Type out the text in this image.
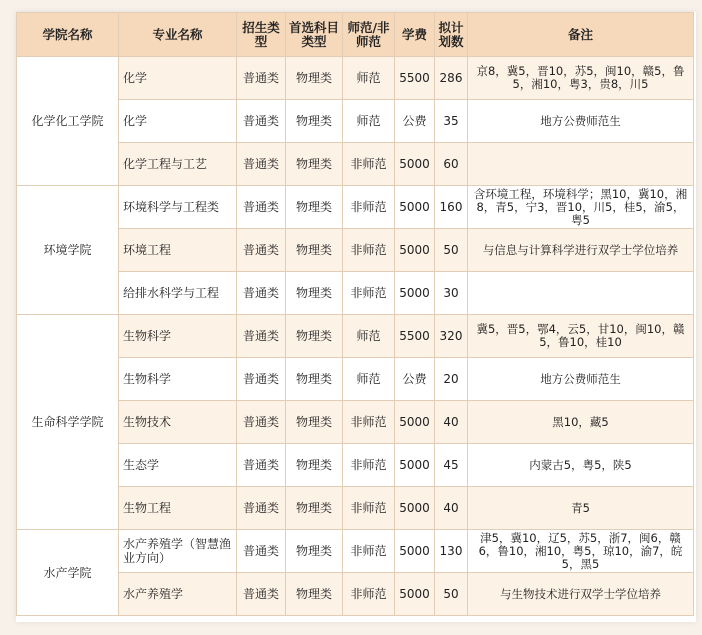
学院名称	专业名称	招生类型	首选科目类型	师范/非师范	学费	拟计划数	备注
化学化工学院	化学	普通类	物理类	师范	5500	286	京8，冀5，晋10，苏5，闽10，赣5，鲁5，湘10，粤3，贵8，川5
	化学	普通类	物理类	师范	公费	35	地方公费师范生
	化学工程与工艺	普通类	物理类	非师范	5000	60	
环境学院	环境科学与工程类	普通类	物理类	非师范	5000	160	含环境工程，环境科学；黑10，冀10，湘8，青5，宁3，晋10，川5，桂5，渝5，粤5
	环境工程	普通类	物理类	非师范	5000	50	与信息与计算科学进行双学士学位培养
	给排水科学与工程	普通类	物理类	非师范	5000	30	
生命科学学院	生物科学	普通类	物理类	师范	5500	320	冀5，晋5，鄂4，云5，甘10，闽10，赣5，鲁10，桂10
	生物科学	普通类	物理类	师范	公费	20	地方公费师范生
	生物技术	普通类	物理类	非师范	5000	40	黑10，藏5
	生态学	普通类	物理类	非师范	5000	45	内蒙古5，粤5，陕5
	生物工程	普通类	物理类	非师范	5000	40	青5
水产学院	水产养殖学（智慧渔业方向）	普通类	物理类	非师范	5000	130	津5，冀10，辽5，苏5，浙7，闽6，赣6，鲁10，湘10，粤5，琼10，渝7，皖5，黑5
	水产养殖学	普通类	物理类	非师范	5000	50	与生物技术进行双学士学位培养
